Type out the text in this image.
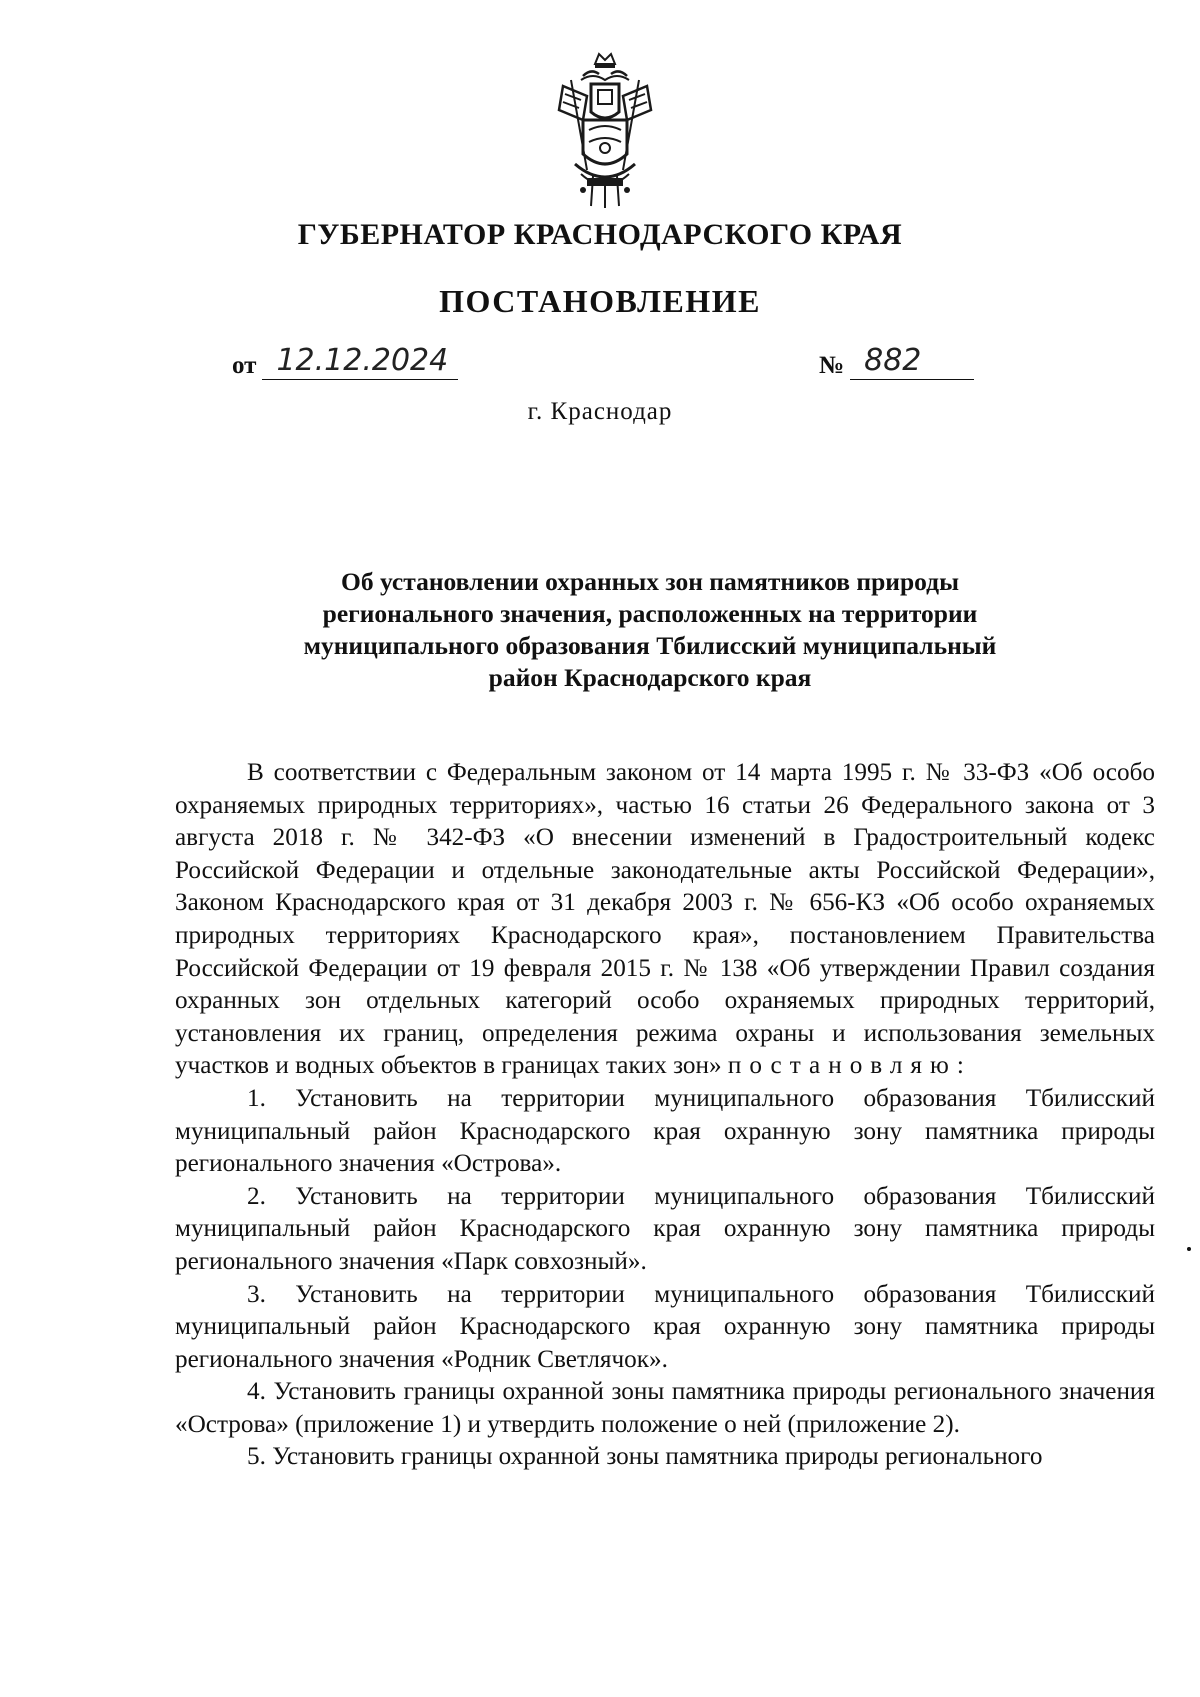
ГУБЕРНАТОР КРАСНОДАРСКОГО КРАЯ
ПОСТАНОВЛЕНИЕ
от 12.12.2024	№ 882
г. Краснодар
Об установлении охранных зон памятников природы
регионального значения, расположенных на территории
муниципального образования Тбилисский муниципальный
район Краснодарского края

В соответствии с Федеральным законом от 14 марта 1995 г. № 33-ФЗ «Об особо охраняемых природных территориях», частью 16 статьи 26 Федерального закона от 3 августа 2018 г. № 342-ФЗ «О внесении изменений в Градостроительный кодекс Российской Федерации и отдельные законодательные акты Российской Федерации», Законом Краснодарского края от 31 декабря 2003 г. № 656-КЗ «Об особо охраняемых природных территориях Краснодарского края», постановлением Правительства Российской Федерации от 19 февраля 2015 г. № 138 «Об утверждении Правил создания охранных зон отдельных категорий особо охраняемых природных территорий, установления их границ, определения режима охраны и использования земельных участков и водных объектов в границах таких зон» постановляю:

1. Установить на территории муниципального образования Тбилисский муниципальный район Краснодарского края охранную зону памятника природы регионального значения «Острова».

2. Установить на территории муниципального образования Тбилисский муниципальный район Краснодарского края охранную зону памятника природы регионального значения «Парк совхозный».

3. Установить на территории муниципального образования Тбилисский муниципальный район Краснодарского края охранную зону памятника природы регионального значения «Родник Светлячок».

4. Установить границы охранной зоны памятника природы регионального значения «Острова» (приложение 1) и утвердить положение о ней (приложение 2).

5. Установить границы охранной зоны памятника природы регионального
